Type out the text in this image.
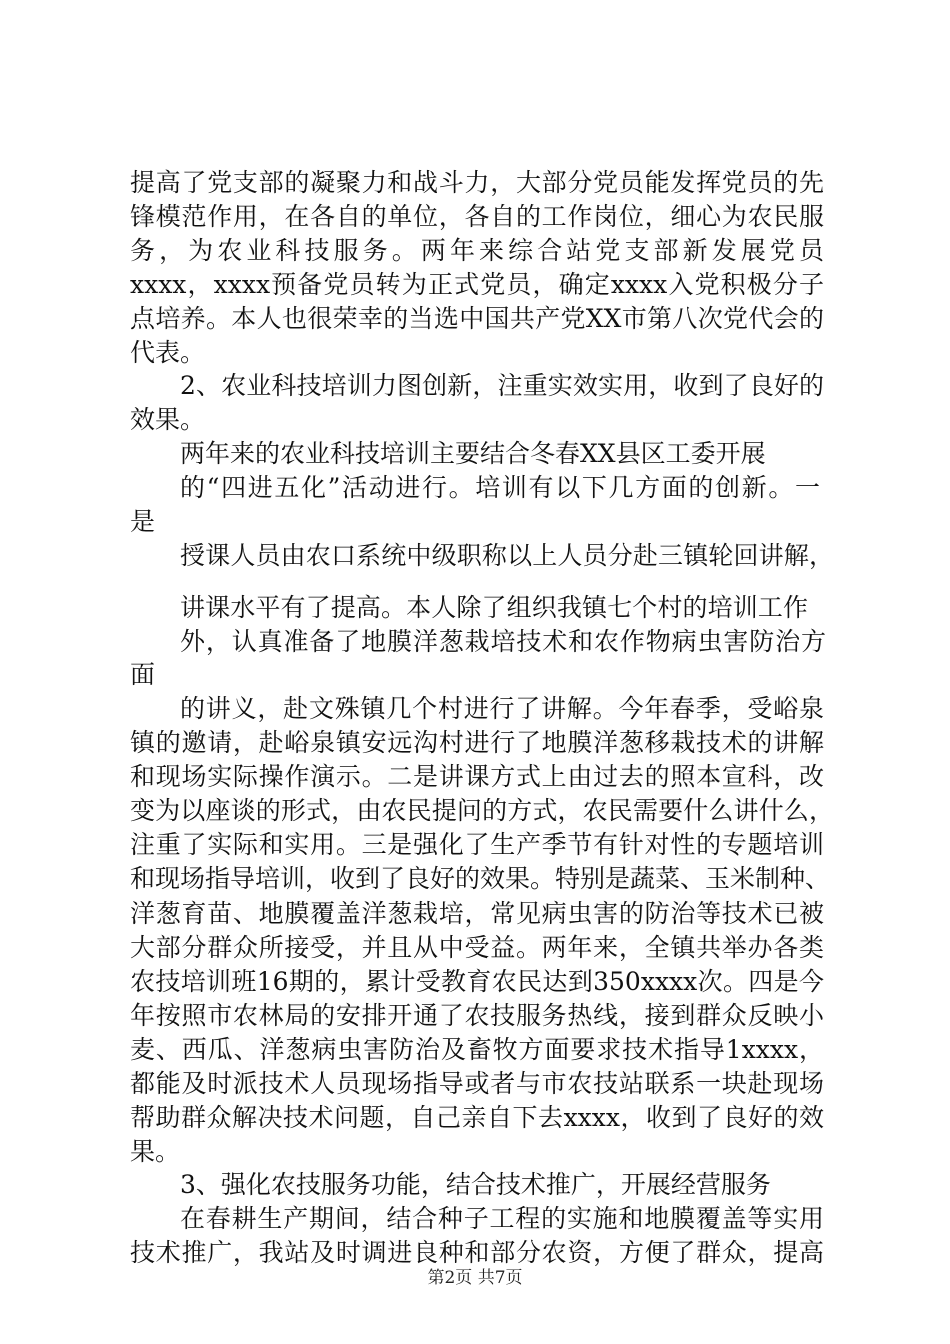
提高了党支部的凝聚力和战斗力，大部分党员能发挥党员的先
锋模范作用，在各自的单位，各自的工作岗位，细心为农民服
务，为农业科技服务。两年来综合站党支部新发展党员
xxxx，xxxx预备党员转为正式党员，确定xxxx入党积极分子
点培养。本人也很荣幸的当选中国共产党XX市第八次党代会的
代表。
2、农业科技培训力图创新，注重实效实用，收到了良好的
效果。
两年来的农业科技培训主要结合冬春XX县区工委开展
的“四进五化”活动进行。培训有以下几方面的创新。一
是
授课人员由农口系统中级职称以上人员分赴三镇轮回讲解，
讲课水平有了提高。本人除了组织我镇七个村的培训工作
外，认真准备了地膜洋葱栽培技术和农作物病虫害防治方
面
的讲义，赴文殊镇几个村进行了讲解。今年春季，受峪泉
镇的邀请，赴峪泉镇安远沟村进行了地膜洋葱移栽技术的讲解
和现场实际操作演示。二是讲课方式上由过去的照本宣科，改
变为以座谈的形式，由农民提问的方式，农民需要什么讲什么，
注重了实际和实用。三是强化了生产季节有针对性的专题培训
和现场指导培训，收到了良好的效果。特别是蔬菜、玉米制种、
洋葱育苗、地膜覆盖洋葱栽培，常见病虫害的防治等技术已被
大部分群众所接受，并且从中受益。两年来，全镇共举办各类
农技培训班16期的，累计受教育农民达到350xxxx次。四是今
年按照市农林局的安排开通了农技服务热线，接到群众反映小
麦、西瓜、洋葱病虫害防治及畜牧方面要求技术指导1xxxx，
都能及时派技术人员现场指导或者与市农技站联系一块赴现场
帮助群众解决技术问题，自己亲自下去xxxx，收到了良好的效
果。
3、强化农技服务功能，结合技术推广，开展经营服务
在春耕生产期间，结合种子工程的实施和地膜覆盖等实用
技术推广，我站及时调进良种和部分农资，方便了群众，提高
第2页 共7页
